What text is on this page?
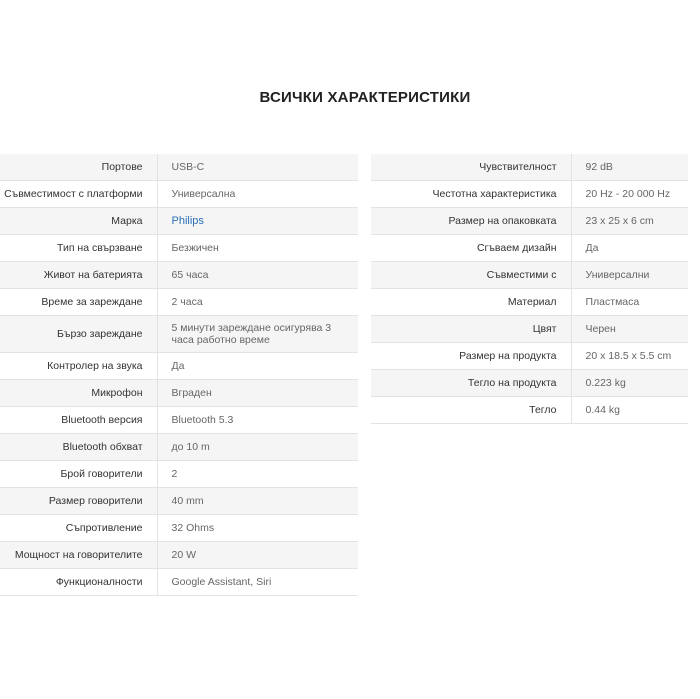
ВСИЧКИ ХАРАКТЕРИСТИКИ
Портове	USB-C
Съвместимост с платформи	Универсална
Марка	Philips
Тип на свързване	Безжичен
Живот на батерията	65 часа
Време за зареждане	2 часа
Бързо зареждане	5 минути зареждане осигурява 3 часа работно време
Контролер на звука	Да
Микрофон	Вграден
Bluetooth версия	Bluetooth 5.3
Bluetooth обхват	до 10 m
Брой говорители	2
Размер говорители	40 mm
Съпротивление	32 Ohms
Мощност на говорителите	20 W
Функционалности	Google Assistant, Siri
Чувствителност	92 dB
Честотна характеристика	20 Hz - 20 000 Hz
Размер на опаковката	23 x 25 x 6 cm
Сгъваем дизайн	Да
Съвместими с	Универсални
Материал	Пластмаса
Цвят	Черен
Размер на продукта	20 x 18.5 x 5.5 cm
Тегло на продукта	0.223 kg
Тегло	0.44 kg
